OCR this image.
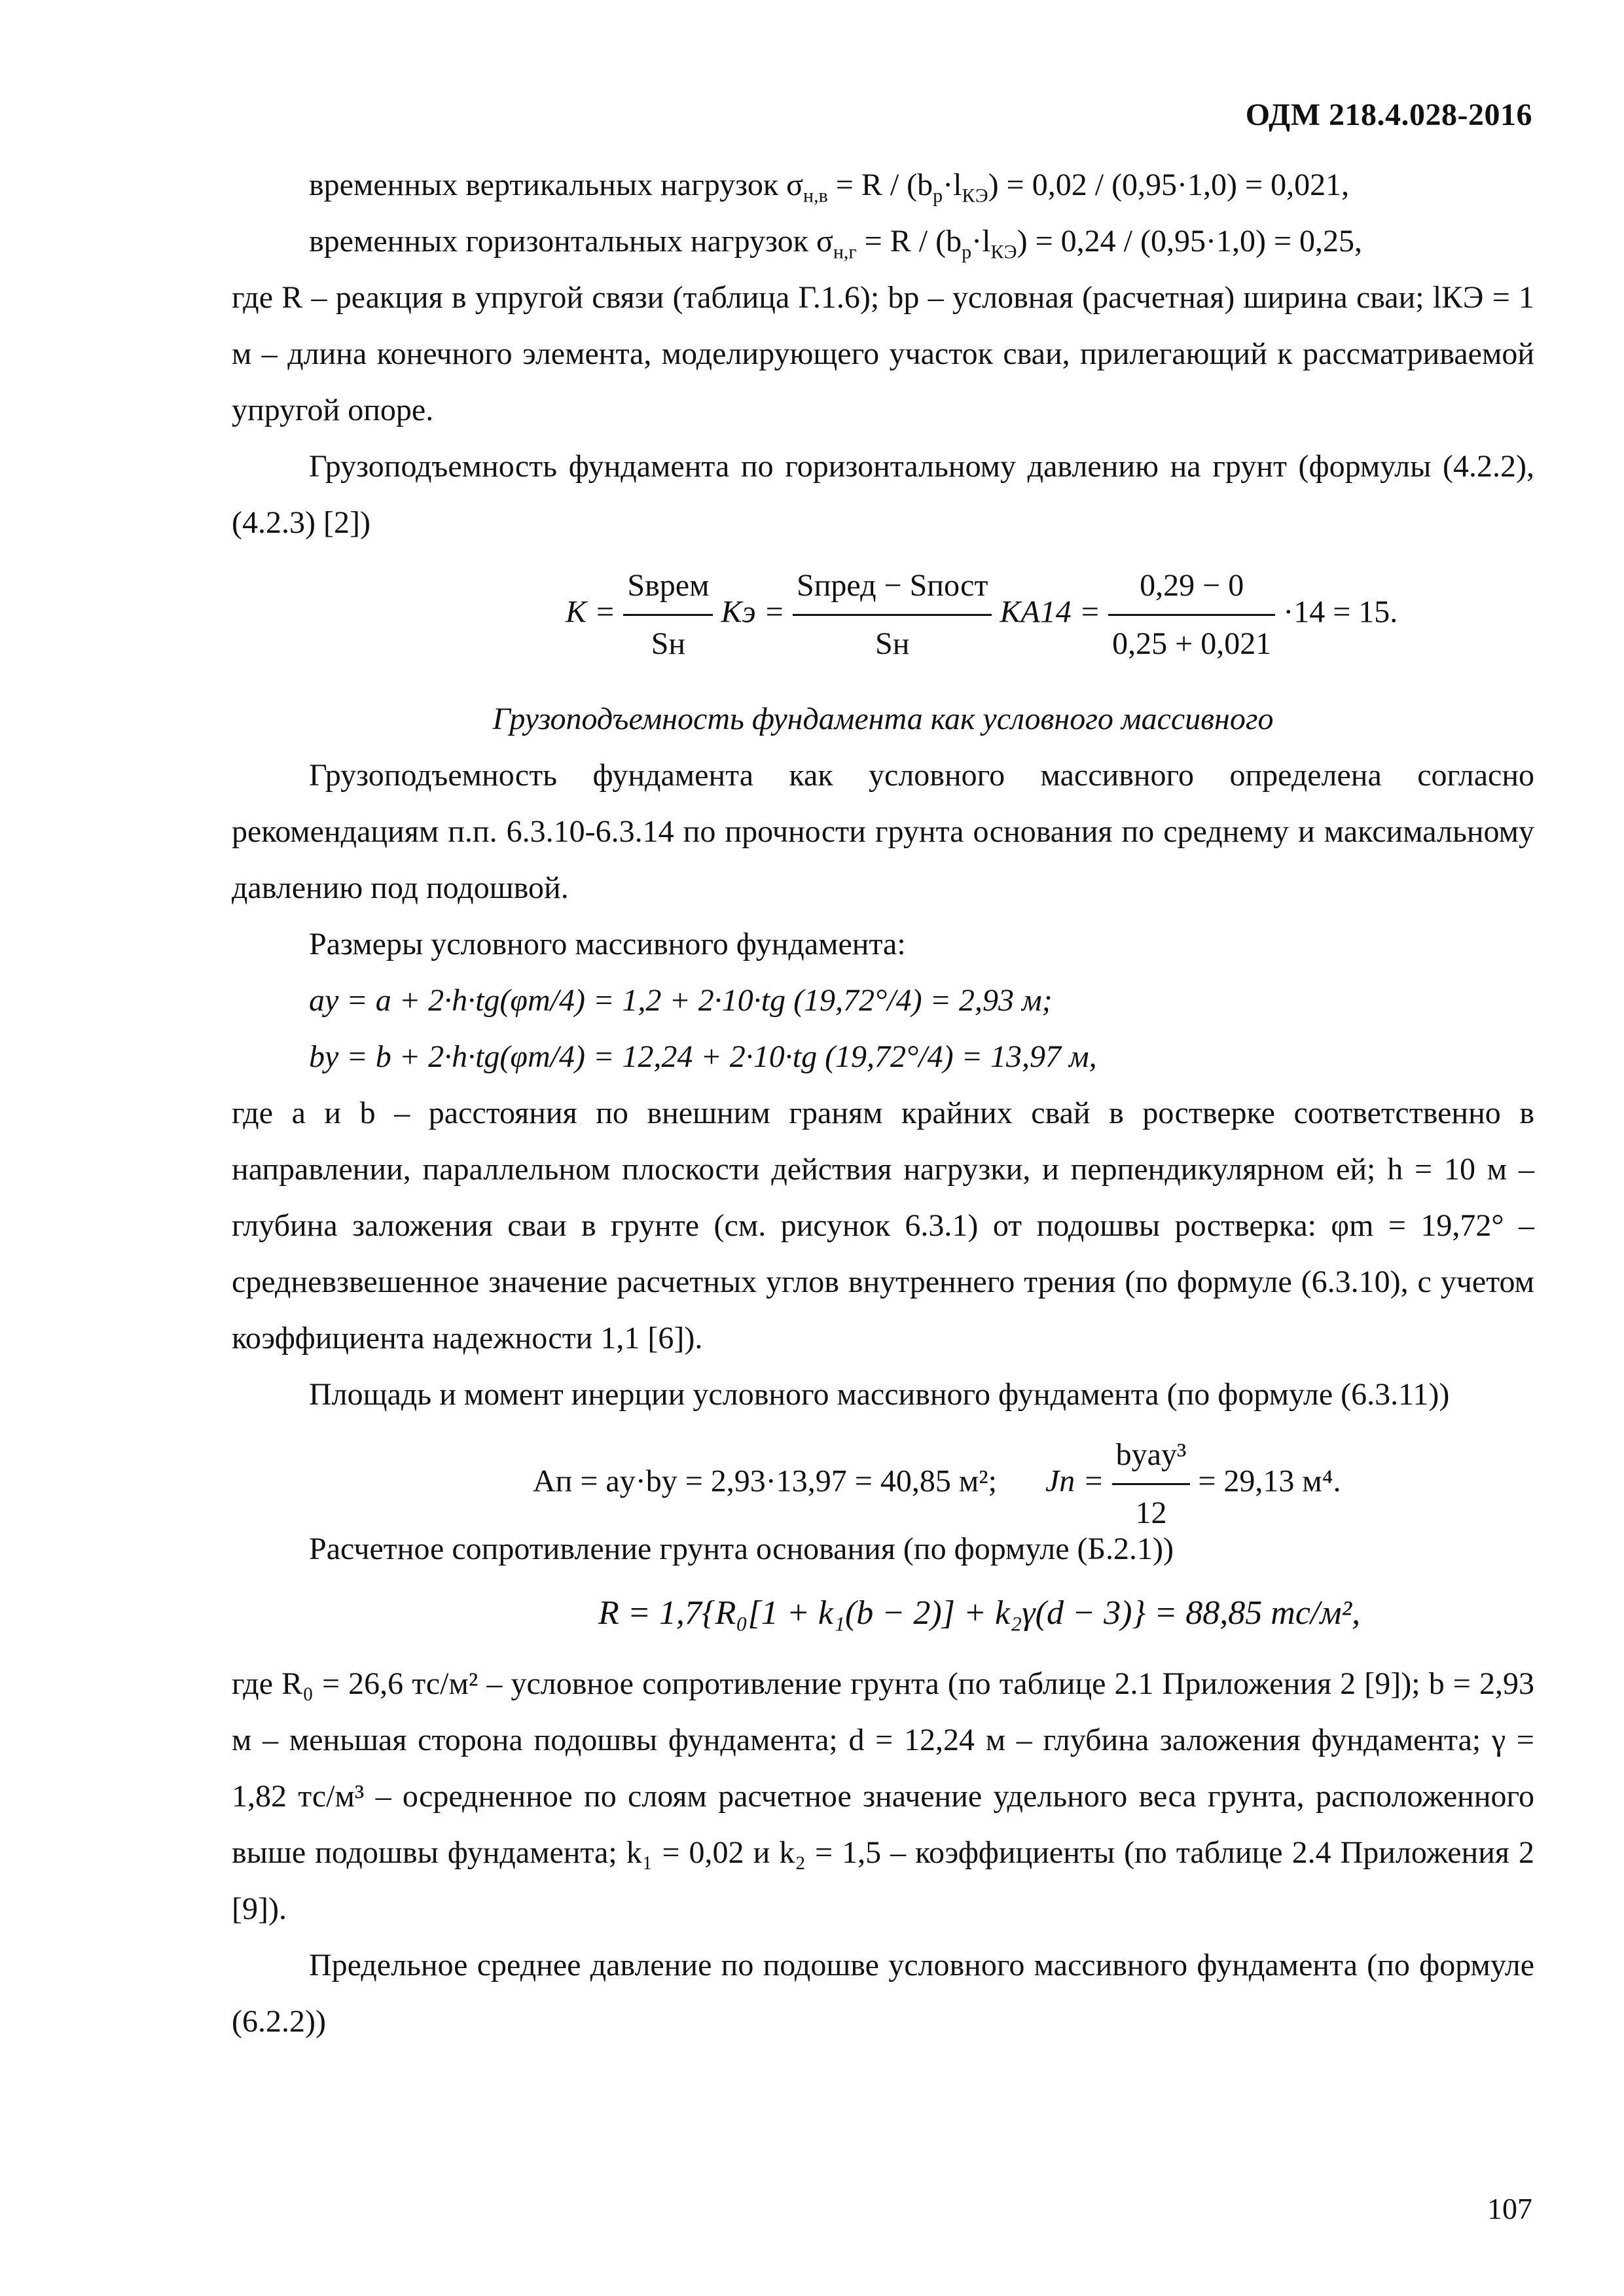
ОДМ 218.4.028-2016

временных вертикальных нагрузок $\sigma_{н,в} = R / (b_р\cdot l_{КЭ}) = 0,02 / (0,95\cdot 1,0) = 0,021$,

временных горизонтальных нагрузок $\sigma_{н,г} = R / (b_р\cdot l_{КЭ}) = 0,24 / (0,95\cdot 1,0) = 0,25$,

где R – реакция в упругой связи (таблица Г.1.6); bр – условная (расчетная) ширина сваи; lКЭ = 1 м – длина конечного элемента, моделирующего участок сваи, прилегающий к рассматриваемой упругой опоре.

Грузоподъемность фундамента по горизонтальному давлению на грунт (формулы (4.2.2), (4.2.3) [2])

$K = \frac{\text{Sврем}}{Sн}$ Kэ = $\frac{\text{Sпред − Sпост}}{Sн} KА14 = \frac{0,29 - 0}{0,25 + 0,021} \cdot 14 = 15$.

Грузоподъемность фундамента как условного массивного

Грузоподъемность фундамента как условного массивного определена согласно рекомендациям п.п. 6.3.10-6.3.14 по прочности грунта основания по среднему и максимальному давлению под подошвой.

Размеры условного массивного фундамента:

aу = a + 2·h·tg(φm/4) = 1,2 + 2·10·tg (19,72°/4) = 2,93 м;

bу = b + 2·h·tg(φm/4) = 12,24 + 2·10·tg (19,72°/4) = 13,97 м,

где a и b – расстояния по внешним граням крайних свай в ростверке соответственно в направлении, параллельном плоскости действия нагрузки, и перпендикулярном ей; h = 10 м – глубина заложения сваи в грунте (см. рисунок 6.3.1) от подошвы ростверка: φm = 19,72° – средневзвешенное значение расчетных углов внутреннего трения (по формуле (6.3.10), с учетом коэффициента надежности 1,1 [6]).

Площадь и момент инерции условного массивного фундамента (по формуле (6.3.11))

Aп = aу·bу = 2,93·13,97 = 40,85 м²; Jп = $\frac{\text{bуaу³}}{12} = 29,13$ м⁴.

Расчетное сопротивление грунта основания (по формуле (Б.2.1))

R = 1,7{R₀[1 + k₁(b − 2)] + k₂γ(d − 3)} = 88,85 тс/м²,

где R₀ = 26,6 тс/м² – условное сопротивление грунта (по таблице 2.1 Приложения 2 [9]); b = 2,93 м – меньшая сторона подошвы фундамента; d = 12,24 м – глубина заложения фундамента; γ = 1,82 тс/м³ – осредненное по слоям расчетное значение удельного веса грунта, расположенного выше подошвы фундамента; k₁ = 0,02 и k₂ = 1,5 – коэффициенты (по таблице 2.4 Приложения 2 [9]).

Предельное среднее давление по подошве условного массивного фундамента (по формуле (6.2.2))

107
